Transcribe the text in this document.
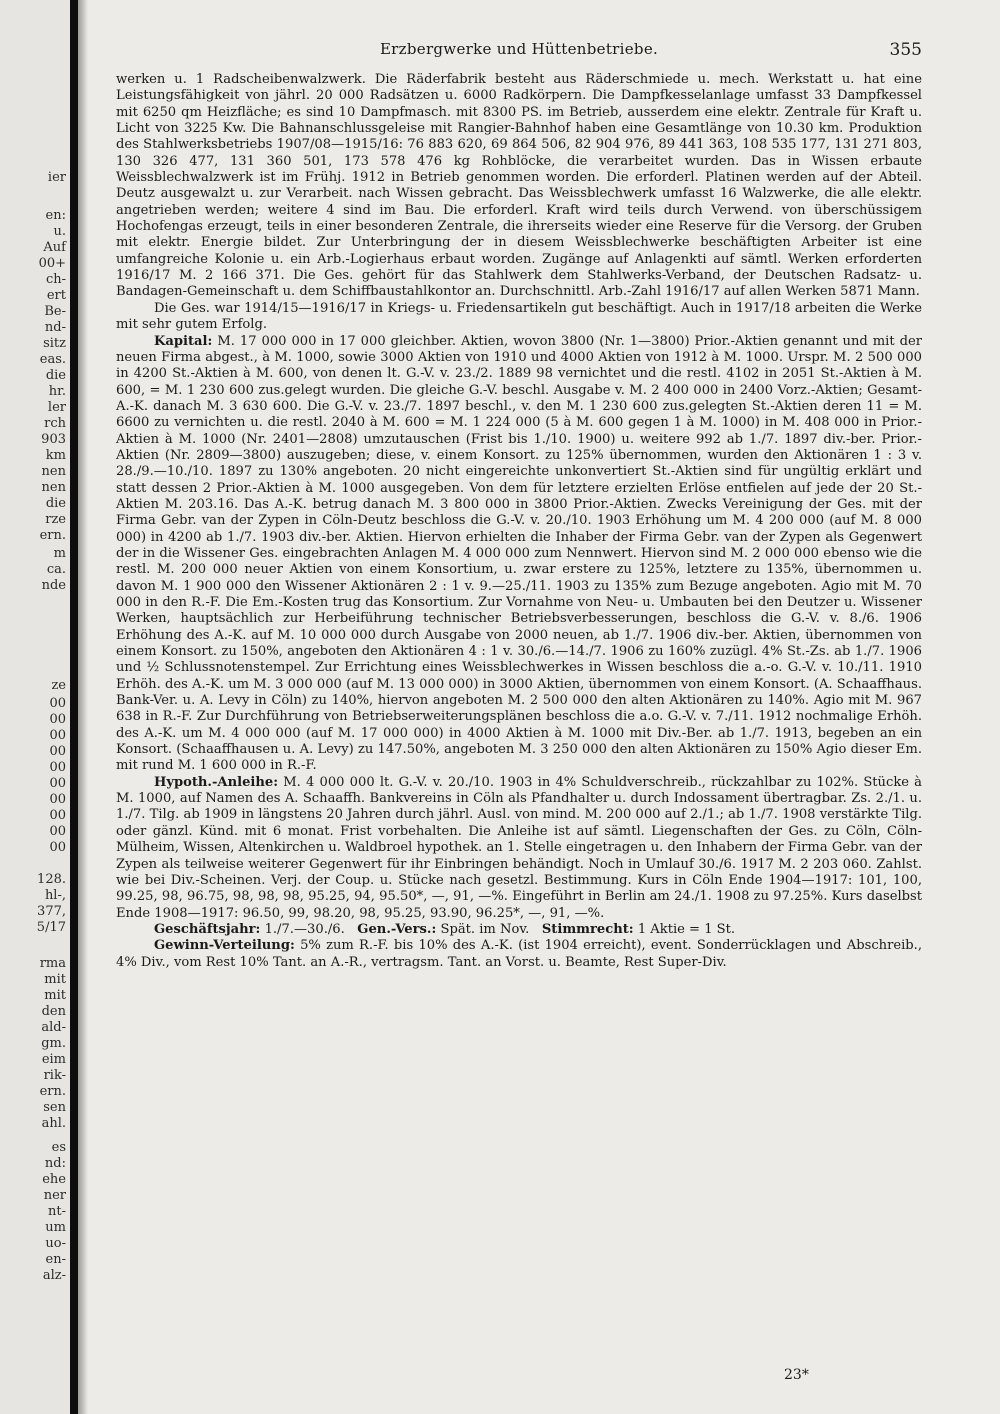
ier
en:
u.
Auf
00+
ch-
ert
Be-
nd-
sitz
eas.
die
hr.
ler
rch
903
km
nen
nen
die
rze
ern.
m
ca.
nde
ze
00
00
00
00
00
00
00
00
00
00
128.
hl-,
377,
5/17
rma
mit
mit
den
ald-
gm.
eim
rik-
ern.
sen
ahl.
es
nd:
ehe
ner
nt-
um
uo-
en-
alz-
Erzbergwerke und Hüttenbetriebe.	355

werken u. 1 Radscheibenwalzwerk. Die Räderfabrik besteht aus Räderschmiede u. mech. Werkstatt u. hat eine Leistungsfähigkeit von jährl. 20 000 Radsätzen u. 6000 Radkörpern. Die Dampfkesselanlage umfasst 33 Dampfkessel mit 6250 qm Heizfläche; es sind 10 Dampfmasch. mit 8300 PS. im Betrieb, ausserdem eine elektr. Zentrale für Kraft u. Licht von 3225 Kw. Die Bahnanschlussgeleise mit Rangier-Bahnhof haben eine Gesamtlänge von 10.30 km. Produktion des Stahlwerksbetriebs 1907/08—1915/16: 76 883 620, 69 864 506, 82 904 976, 89 441 363, 108 535 177, 131 271 803, 130 326 477, 131 360 501, 173 578 476 kg Rohblöcke, die verarbeitet wurden. Das in Wissen erbaute Weissblechwalzwerk ist im Frühj. 1912 in Betrieb genommen worden. Die erforderl. Platinen werden auf der Abteil. Deutz ausgewalzt u. zur Verarbeit. nach Wissen gebracht. Das Weissblechwerk umfasst 16 Walzwerke, die alle elektr. angetrieben werden; weitere 4 sind im Bau. Die erforderl. Kraft wird teils durch Verwend. von überschüssigem Hochofengas erzeugt, teils in einer besonderen Zentrale, die ihrerseits wieder eine Reserve für die Versorg. der Gruben mit elektr. Energie bildet. Zur Unterbringung der in diesem Weissblechwerke beschäftigten Arbeiter ist eine umfangreiche Kolonie u. ein Arb.-Logierhaus erbaut worden. Zugänge auf Anlagenkti auf sämtl. Werken erforderten 1916/17 M. 2 166 371. Die Ges. gehört für das Stahlwerk dem Stahlwerks-Verband, der Deutschen Radsatz- u. Bandagen-Gemeinschaft u. dem Schiffbaustahlkontor an. Durchschnittl. Arb.-Zahl 1916/17 auf allen Werken 5871 Mann.

Die Ges. war 1914/15—1916/17 in Kriegs- u. Friedensartikeln gut beschäftigt. Auch in 1917/18 arbeiten die Werke mit sehr gutem Erfolg.

Kapital: M. 17 000 000 in 17 000 gleichber. Aktien, wovon 3800 (Nr. 1—3800) Prior.-Aktien genannt und mit der neuen Firma abgest., à M. 1000, sowie 3000 Aktien von 1910 und 4000 Aktien von 1912 à M. 1000. Urspr. M. 2 500 000 in 4200 St.-Aktien à M. 600, von denen lt. G.-V. v. 23./2. 1889 98 vernichtet und die restl. 4102 in 2051 St.-Aktien à M. 600, = M. 1 230 600 zus.gelegt wurden. Die gleiche G.-V. beschl. Ausgabe v. M. 2 400 000 in 2400 Vorz.-Aktien; Gesamt-A.-K. danach M. 3 630 600. Die G.-V. v. 23./7. 1897 beschl., v. den M. 1 230 600 zus.gelegten St.-Aktien deren 11 = M. 6600 zu vernichten u. die restl. 2040 à M. 600 = M. 1 224 000 (5 à M. 600 gegen 1 à M. 1000) in M. 408 000 in Prior.-Aktien à M. 1000 (Nr. 2401—2808) umzutauschen (Frist bis 1./10. 1900) u. weitere 992 ab 1./7. 1897 div.-ber. Prior.-Aktien (Nr. 2809—3800) auszugeben; diese, v. einem Konsort. zu 125% übernommen, wurden den Aktionären 1 : 3 v. 28./9.—10./10. 1897 zu 130% angeboten. 20 nicht eingereichte unkonvertiert St.-Aktien sind für ungültig erklärt und statt dessen 2 Prior.-Aktien à M. 1000 ausgegeben. Von dem für letztere erzielten Erlöse entfielen auf jede der 20 St.-Aktien M. 203.16. Das A.-K. betrug danach M. 3 800 000 in 3800 Prior.-Aktien. Zwecks Vereinigung der Ges. mit der Firma Gebr. van der Zypen in Cöln-Deutz beschloss die G.-V. v. 20./10. 1903 Erhöhung um M. 4 200 000 (auf M. 8 000 000) in 4200 ab 1./7. 1903 div.-ber. Aktien. Hiervon erhielten die Inhaber der Firma Gebr. van der Zypen als Gegenwert der in die Wissener Ges. eingebrachten Anlagen M. 4 000 000 zum Nennwert. Hiervon sind M. 2 000 000 ebenso wie die restl. M. 200 000 neuer Aktien von einem Konsortium, u. zwar erstere zu 125%, letztere zu 135%, übernommen u. davon M. 1 900 000 den Wissener Aktionären 2 : 1 v. 9.—25./11. 1903 zu 135% zum Bezuge angeboten. Agio mit M. 70 000 in den R.-F. Die Em.-Kosten trug das Konsortium. Zur Vornahme von Neu- u. Umbauten bei den Deutzer u. Wissener Werken, hauptsächlich zur Herbeiführung technischer Betriebsverbesserungen, beschloss die G.-V. v. 8./6. 1906 Erhöhung des A.-K. auf M. 10 000 000 durch Ausgabe von 2000 neuen, ab 1./7. 1906 div.-ber. Aktien, übernommen von einem Konsort. zu 150%, angeboten den Aktionären 4 : 1 v. 30./6.—14./7. 1906 zu 160% zuzügl. 4% St.-Zs. ab 1./7. 1906 und ½ Schlussnotenstempel. Zur Errichtung eines Weissblechwerkes in Wissen beschloss die a.-o. G.-V. v. 10./11. 1910 Erhöh. des A.-K. um M. 3 000 000 (auf M. 13 000 000) in 3000 Aktien, übernommen von einem Konsort. (A. Schaaffhaus. Bank-Ver. u. A. Levy in Cöln) zu 140%, hiervon angeboten M. 2 500 000 den alten Aktionären zu 140%. Agio mit M. 967 638 in R.-F. Zur Durchführung von Betriebserweiterungsplänen beschloss die a.o. G.-V. v. 7./11. 1912 nochmalige Erhöh. des A.-K. um M. 4 000 000 (auf M. 17 000 000) in 4000 Aktien à M. 1000 mit Div.-Ber. ab 1./7. 1913, begeben an ein Konsort. (Schaaffhausen u. A. Levy) zu 147.50%, angeboten M. 3 250 000 den alten Aktionären zu 150% Agio dieser Em. mit rund M. 1 600 000 in R.-F.

Hypoth.-Anleihe: M. 4 000 000 lt. G.-V. v. 20./10. 1903 in 4% Schuldverschreib., rückzahlbar zu 102%. Stücke à M. 1000, auf Namen des A. Schaaffh. Bankvereins in Cöln als Pfandhalter u. durch Indossament übertragbar. Zs. 2./1. u. 1./7. Tilg. ab 1909 in längstens 20 Jahren durch jährl. Ausl. von mind. M. 200 000 auf 2./1.; ab 1./7. 1908 verstärkte Tilg. oder gänzl. Künd. mit 6 monat. Frist vorbehalten. Die Anleihe ist auf sämtl. Liegenschaften der Ges. zu Cöln, Cöln-Mülheim, Wissen, Altenkirchen u. Waldbroel hypothek. an 1. Stelle eingetragen u. den Inhabern der Firma Gebr. van der Zypen als teilweise weiterer Gegenwert für ihr Einbringen behändigt. Noch in Umlauf 30./6. 1917 M. 2 203 060. Zahlst. wie bei Div.-Scheinen. Verj. der Coup. u. Stücke nach gesetzl. Bestimmung. Kurs in Cöln Ende 1904—1917: 101, 100, 99.25, 98, 96.75, 98, 98, 98, 95.25, 94, 95.50*, —, 91, —%. Eingeführt in Berlin am 24./1. 1908 zu 97.25%. Kurs daselbst Ende 1908—1917: 96.50, 99, 98.20, 98, 95.25, 93.90, 96.25*, —, 91, —%.

Geschäftsjahr: 1./7.—30./6. Gen.-Vers.: Spät. im Nov. Stimmrecht: 1 Aktie = 1 St.

Gewinn-Verteilung: 5% zum R.-F. bis 10% des A.-K. (ist 1904 erreicht), event. Sonderrücklagen und Abschreib., 4% Div., vom Rest 10% Tant. an A.-R., vertragsm. Tant. an Vorst. u. Beamte, Rest Super-Div.

23*
